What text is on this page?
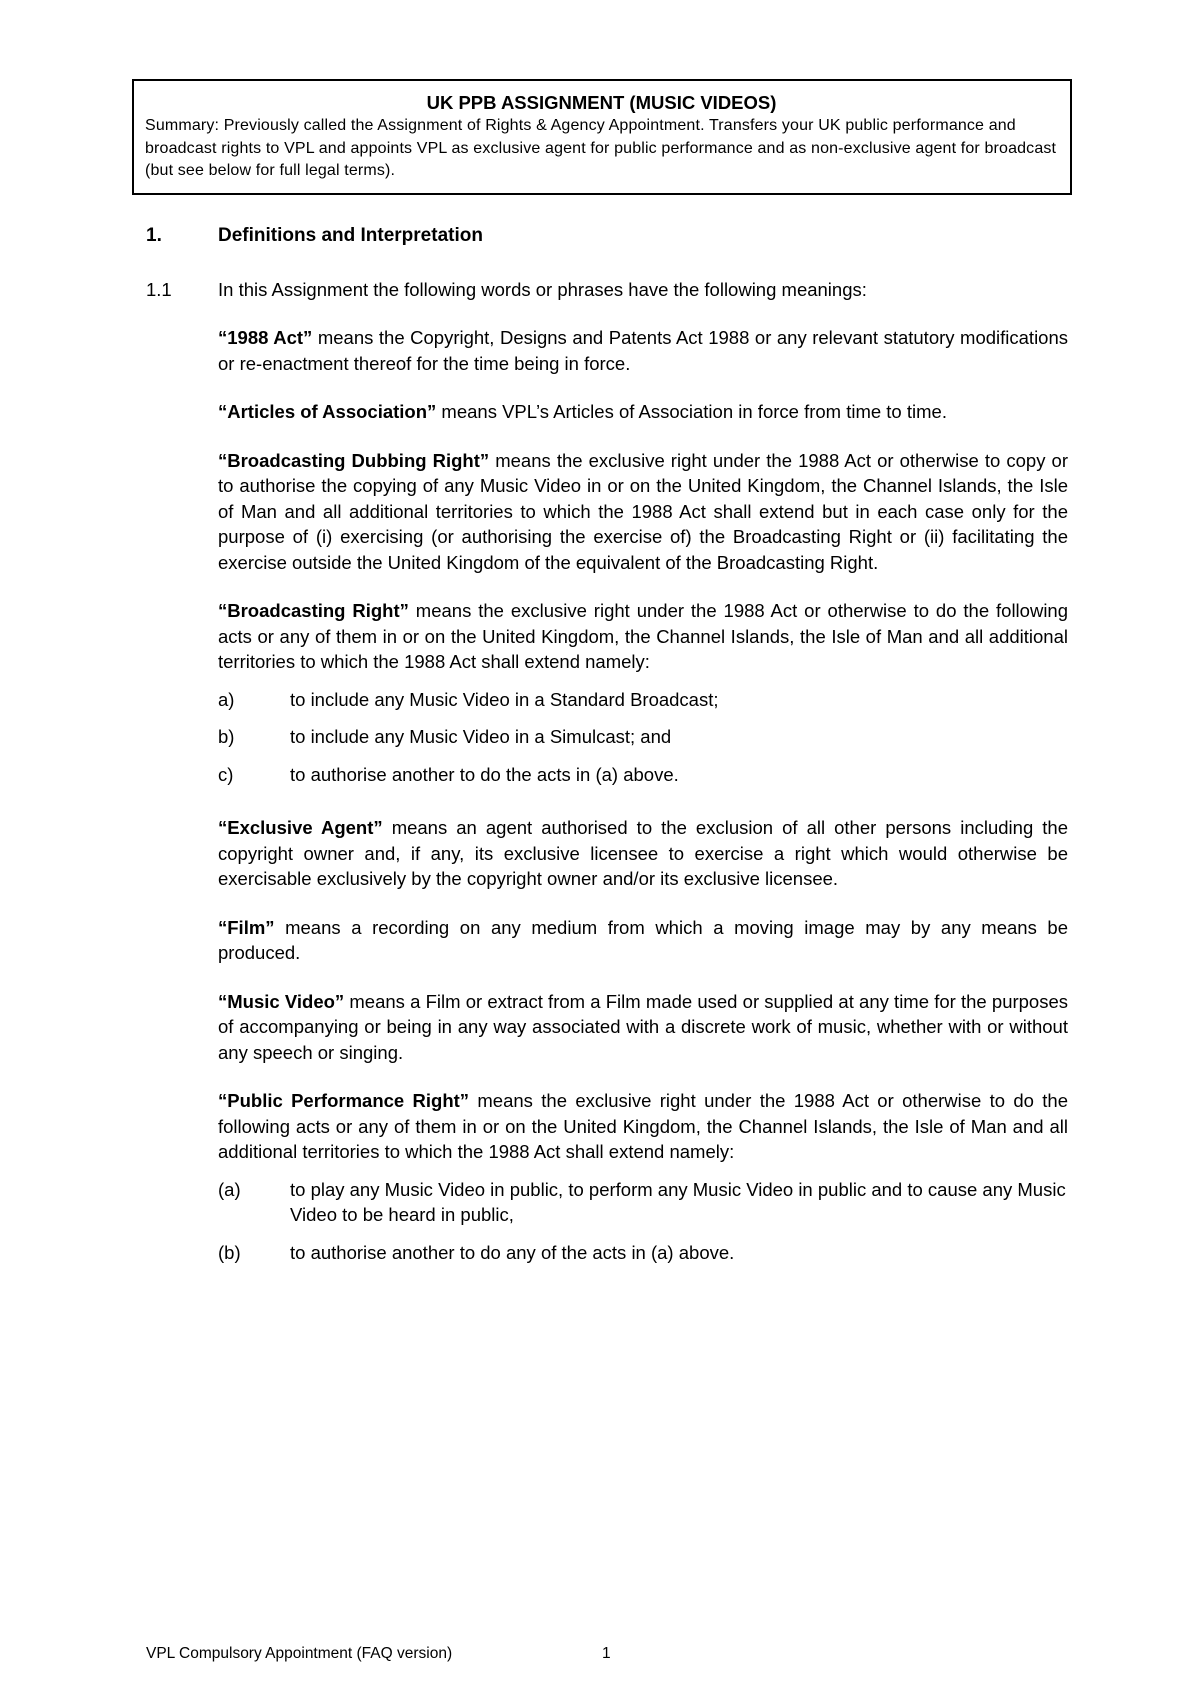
UK PPB ASSIGNMENT (MUSIC VIDEOS)
Summary: Previously called the Assignment of Rights & Agency Appointment. Transfers your UK public performance and broadcast rights to VPL and appoints VPL as exclusive agent for public performance and as non-exclusive agent for broadcast (but see below for full legal terms).
1.	Definitions and Interpretation
1.1	In this Assignment the following words or phrases have the following meanings:

“1988 Act” means the Copyright, Designs and Patents Act 1988 or any relevant statutory modifications or re-enactment thereof for the time being in force.

“Articles of Association” means VPL’s Articles of Association in force from time to time.

“Broadcasting Dubbing Right” means the exclusive right under the 1988 Act or otherwise to copy or to authorise the copying of any Music Video in or on the United Kingdom, the Channel Islands, the Isle of Man and all additional territories to which the 1988 Act shall extend but in each case only for the purpose of (i) exercising (or authorising the exercise of) the Broadcasting Right or (ii) facilitating the exercise outside the United Kingdom of the equivalent of the Broadcasting Right.

“Broadcasting Right” means the exclusive right under the 1988 Act or otherwise to do the following acts or any of them in or on the United Kingdom, the Channel Islands, the Isle of Man and all additional territories to which the 1988 Act shall extend namely:

a)	to include any Music Video in a Standard Broadcast;
b)	to include any Music Video in a Simulcast; and
c)	to authorise another to do the acts in (a) above.

“Exclusive Agent” means an agent authorised to the exclusion of all other persons including the copyright owner and, if any, its exclusive licensee to exercise a right which would otherwise be exercisable exclusively by the copyright owner and/or its exclusive licensee.

“Film” means a recording on any medium from which a moving image may by any means be produced.

“Music Video” means a Film or extract from a Film made used or supplied at any time for the purposes of accompanying or being in any way associated with a discrete work of music, whether with or without any speech or singing.

“Public Performance Right” means the exclusive right under the 1988 Act or otherwise to do the following acts or any of them in or on the United Kingdom, the Channel Islands, the Isle of Man and all additional territories to which the 1988 Act shall extend namely:

(a)	to play any Music Video in public, to perform any Music Video in public and to cause any Music Video to be heard in public,
(b)	to authorise another to do any of the acts in (a) above.
VPL Compulsory Appointment (FAQ version)	1
